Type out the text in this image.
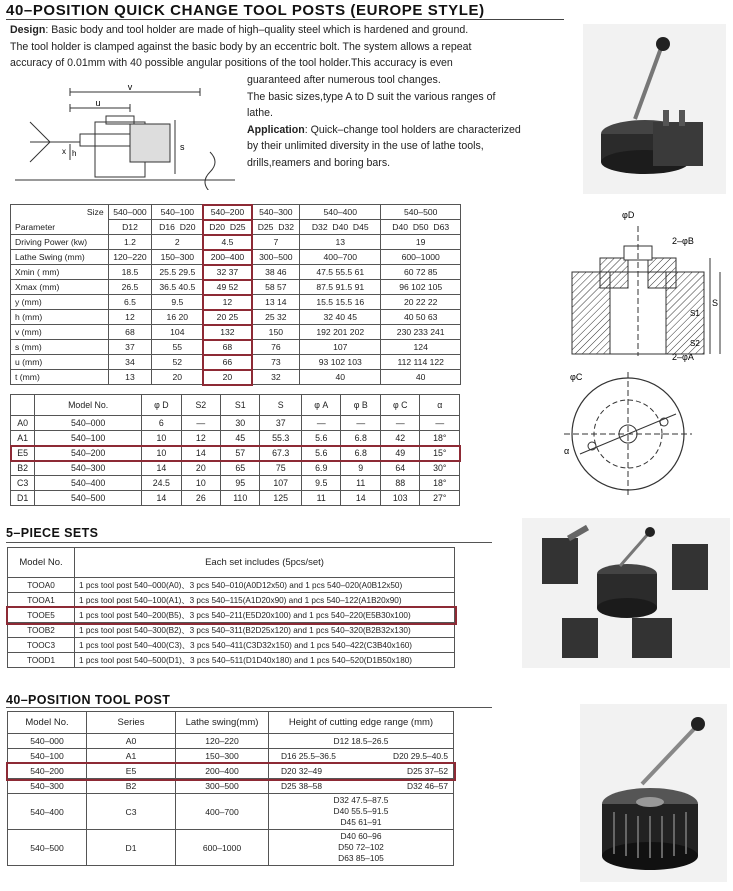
40–POSITION QUICK CHANGE TOOL POSTS (EUROPE STYLE)
Design: Basic body and tool holder are made of high–quality steel which is hardened and ground.
The tool holder is clamped against the basic body by an eccentric bolt. The system allows a repeat
accuracy of 0.01mm with 40 possible angular positions of the tool holder.This accuracy is even
guaranteed after numerous tool changes.
The basic sizes,type A to D suit the various ranges of
lathe.
Application: Quick–change tool holders are characterized
by their unlimited diversity in the use of lathe tools,
drills,reamers and boring bars.
v
u
s
x h
Size	540–000	540–100	540–200	540–300	540–400	540–500
Parameter	D12	D16 D20	D20 D25	D25 D32	D32 D40 D45	D40 D50 D63
Driving Power (kw)	1.2	2	4.5	7	13	19
Lathe Swing (mm)	120–220	150–300	200–400	300–500	400–700	600–1000
Xmin ( mm)	18.5	25.5 29.5	32 37	38 46	47.5 55.5 61	60 72 85
Xmax (mm)	26.5	36.5 40.5	49 52	58 57	87.5 91.5 91	96 102 105
y (mm)	6.5	9.5	12	13 14	15.5 15.5 16	20 22 22
h (mm)	12	16 20	20 25	25 32	32 40 45	40 50 63
v (mm)	68	104	132	150	192 201 202	230 233 241
s (mm)	37	55	68	76	107	124
u (mm)	34	52	66	73	93 102 103	112 114 122
t (mm)	13	20	20	32	40	40
φD
2–φB
2–φA
S
S1
S2
φC
α
	Model No.	φ D	S2	S1	S	φ A	φ B	φ C	α
A0	540–000	6	—	30	37	—	—	—	—
A1	540–100	10	12	45	55.3	5.6	6.8	42	18°
E5	540–200	10	14	57	67.3	5.6	6.8	49	15°
B2	540–300	14	20	65	75	6.9	9	64	30°
C3	540–400	24.5	10	95	107	9.5	11	88	18°
D1	540–500	14	26	110	125	11	14	103	27°
5–PIECE SETS
Model No.	Each set includes (5pcs/set)
TOOA0	1 pcs tool post 540–000(A0)、3 pcs 540–010(A0D12x50) and 1 pcs 540–020(A0B12x50)
TOOA1	1 pcs tool post 540–100(A1)、3 pcs 540–115(A1D20x90) and 1 pcs 540–122(A1B20x90)
TOOE5	1 pcs tool post 540–200(B5)、3 pcs 540–211(E5D20x100) and 1 pcs 540–220(E5B30x100)
TOOB2	1 pcs tool post 540–300(B2)、3 pcs 540–311(B2D25x120) and 1 pcs 540–320(B2B32x130)
TOOC3	1 pcs tool post 540–400(C3)、3 pcs 540–411(C3D32x150) and 1 pcs 540–422(C3B40x160)
TOOD1	1 pcs tool post 540–500(D1)、3 pcs 540–511(D1D40x180) and 1 pcs 540–520(D1B50x180)
40–POSITION TOOL POST
Model No.	Series	Lathe swing(mm)	Height of cutting edge range (mm)
540–000	A0	120–220	D12 18.5–26.5

540–100	A1	150–300	D16 25.5–36.5 D20 29.5–40.5

540–200	E5	200–400	D20 32–49 D25 37–52

540–300	B2	300–500	D25 38–58 D32 46–57

540–400	C3	400–700	D32 47.5–87.5
D40 55.5–91.5
D45 61–91

540–500	D1	600–1000	D40 60–96
D50 72–102
D63 85–105
